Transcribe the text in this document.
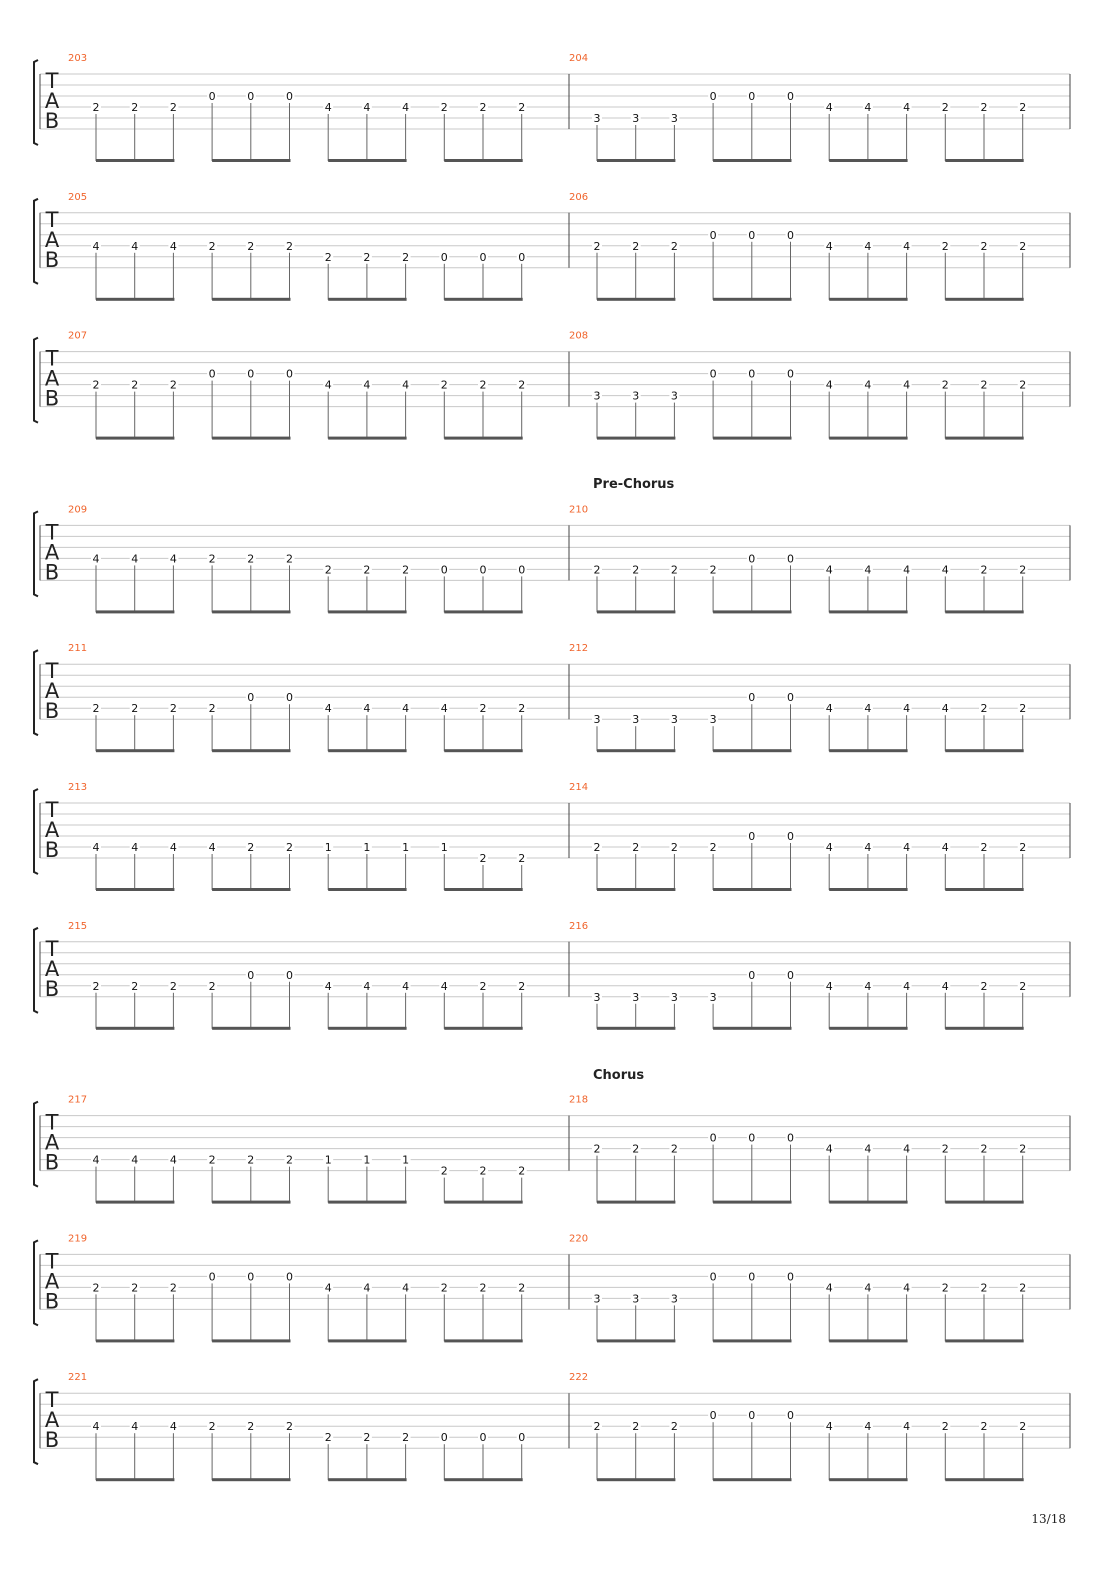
T
A
B
203
2	2	2
0	0	0
4	4	4	2	2	2
204
3	3	3
0	0	0
4	4	4	2	2	2
T
A
B
205
4	4	4	2	2	2
2	2	2	0	0	0
206
2	2	2
0	0	0
4	4	4	2	2	2
T
A
B
207
2	2	2
0	0	0
4	4	4	2	2	2
208
3	3	3
0	0	0
4	4	4	2	2	2
T
A
B
209
4	4	4	2	2	2
2	2	2	0	0	0
210
2	2	2	2
0	0
4	4	4	4	2	2
T
A
B
211
2	2	2	2
0	0
4	4	4	4	2	2
212
3	3	3	3
0	0
4	4	4	4	2	2
T
A
B
213
4	4	4	4	2	2	1	1	1	1
2	2
214
2	2	2	2
0	0
4	4	4	4	2	2
T
A
B
215
2	2	2	2
0	0
4	4	4	4	2	2
216
3	3	3	3
0	0
4	4	4	4	2	2
T
A
B
217
4	4	4	2	2	2	1	1	1
2	2	2
218
2	2	2
0	0	0
4	4	4	2	2	2
T
A
B
219
2	2	2
0	0	0
4	4	4	2	2	2
220
3	3	3
0	0	0
4	4	4	2	2	2
T
A
B
221
4	4	4	2	2	2
2	2	2	0	0	0
222
2	2	2
0	0	0
4	4	4	2	2	2
Pre-Chorus
Chorus
13/18
